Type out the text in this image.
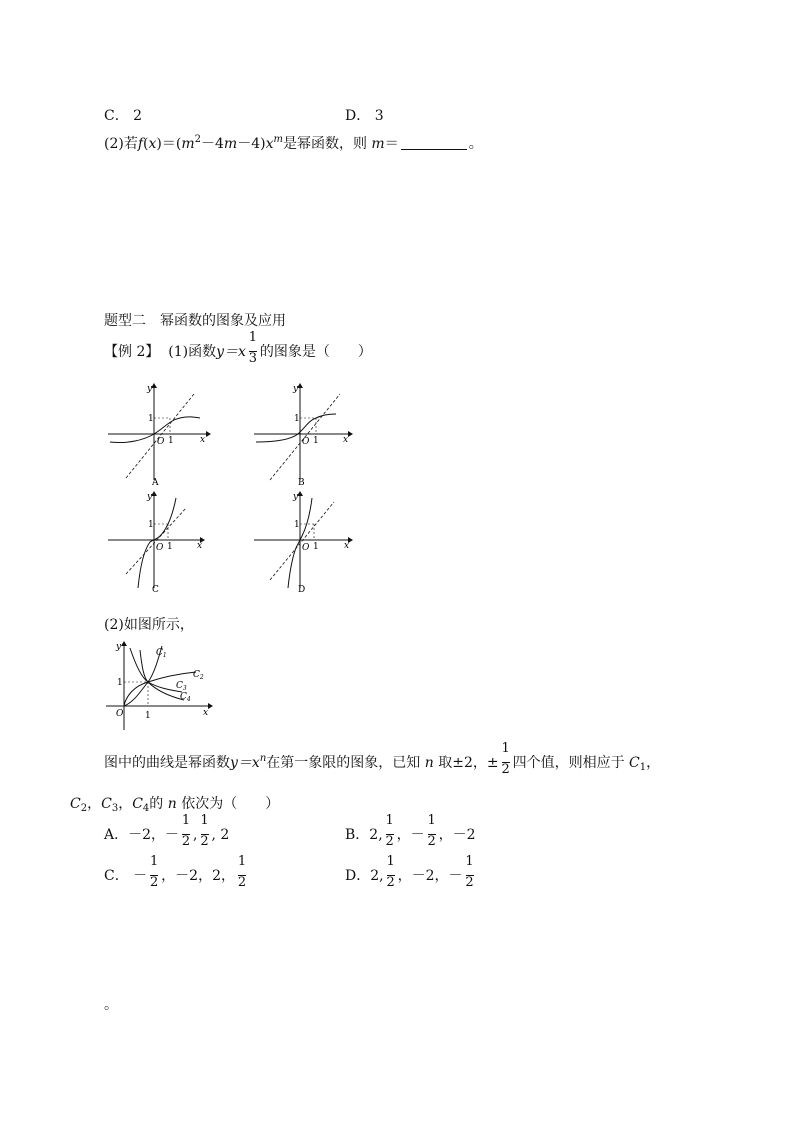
C． 2	D． 3
(2)若$f(x)=(m^2-4m-4)x^m$是幂函数，则 m＝	。
题型二　幂函数的图象及应用
【例 2】 (1)函数$y=x \frac{1}{3}$ 的图象是（　　）
y
x
O 1
1
A
y
x
O 1
1
B
y
x
O 1
1
C
y
x
O 1
1
D
(2)如图所示，
y
x
O 1
1
$C_1$
$C_2$
$C_3$
$C_4$
图中的曲线是幂函数$y=x^n$在第一象限的图象，已知 n 取±2，± $\frac{1}{2}$ 四个值，则相应于 $C_1$，
$C_2$，$C_3$，$C_4$的 n 依次为（　　）
A．－2，－ $\frac{1}{2}$ , $\frac{1}{2}$ , 2	B．2, $\frac{1}{2}$ ，－ $\frac{1}{2}$ ，－2
C． － $\frac{1}{2}$ ，－2，2， $\frac{1}{2}$	D．2, $\frac{1}{2}$ ，－2，－ $\frac{1}{2}$
。
